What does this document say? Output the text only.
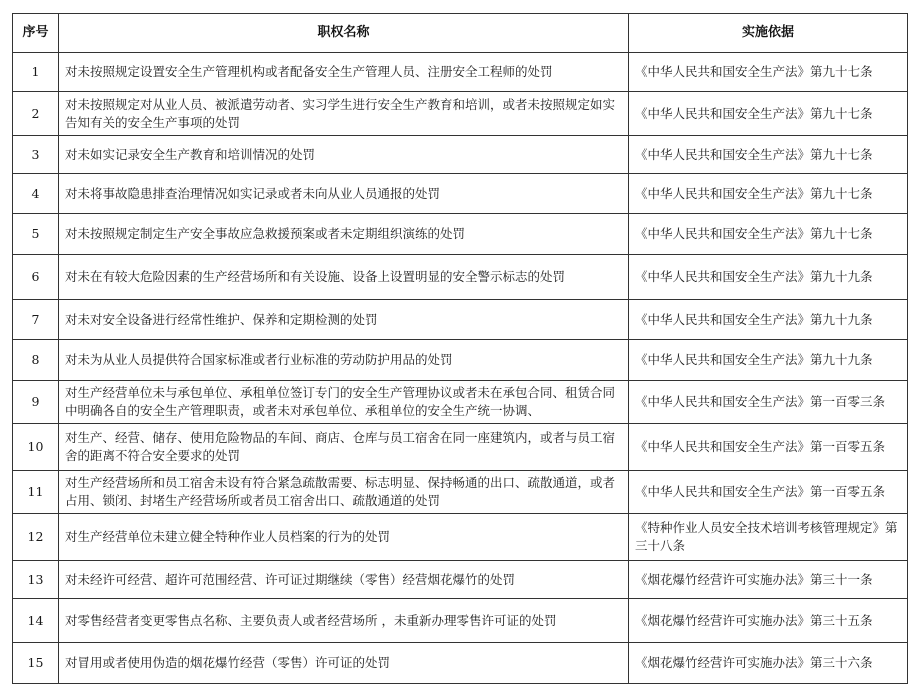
序号	职权名称	实施依据
1	对未按照规定设置安全生产管理机构或者配备安全生产管理人员、注册安全工程师的处罚	《中华人民共和国安全生产法》第九十七条
2	对未按照规定对从业人员、被派遣劳动者、实习学生进行安全生产教育和培训，或者未按照规定如实告知有关的安全生产事项的处罚	《中华人民共和国安全生产法》第九十七条
3	对未如实记录安全生产教育和培训情况的处罚	《中华人民共和国安全生产法》第九十七条
4	对未将事故隐患排查治理情况如实记录或者未向从业人员通报的处罚	《中华人民共和国安全生产法》第九十七条
5	对未按照规定制定生产安全事故应急救援预案或者未定期组织演练的处罚	《中华人民共和国安全生产法》第九十七条
6	对未在有较大危险因素的生产经营场所和有关设施、设备上设置明显的安全警示标志的处罚	《中华人民共和国安全生产法》第九十九条
7	对未对安全设备进行经常性维护、保养和定期检测的处罚	《中华人民共和国安全生产法》第九十九条
8	对未为从业人员提供符合国家标准或者行业标准的劳动防护用品的处罚	《中华人民共和国安全生产法》第九十九条
9	对生产经营单位未与承包单位、承租单位签订专门的安全生产管理协议或者未在承包合同、租赁合同中明确各自的安全生产管理职责，或者未对承包单位、承租单位的安全生产统一协调、	《中华人民共和国安全生产法》第一百零三条
10	对生产、经营、储存、使用危险物品的车间、商店、仓库与员工宿舍在同一座建筑内，或者与员工宿舍的距离不符合安全要求的处罚	《中华人民共和国安全生产法》第一百零五条
11	对生产经营场所和员工宿舍未设有符合紧急疏散需要、标志明显、保持畅通的出口、疏散通道，或者占用、锁闭、封堵生产经营场所或者员工宿舍出口、疏散通道的处罚	《中华人民共和国安全生产法》第一百零五条
12	对生产经营单位未建立健全特种作业人员档案的行为的处罚	《特种作业人员安全技术培训考核管理规定》第三十八条
13	对未经许可经营、超许可范围经营、许可证过期继续（零售）经营烟花爆竹的处罚	《烟花爆竹经营许可实施办法》第三十一条
14	对零售经营者变更零售点名称、主要负责人或者经营场所 ，未重新办理零售许可证的处罚	《烟花爆竹经营许可实施办法》第三十五条
15	对冒用或者使用伪造的烟花爆竹经营（零售）许可证的处罚	《烟花爆竹经营许可实施办法》第三十六条
